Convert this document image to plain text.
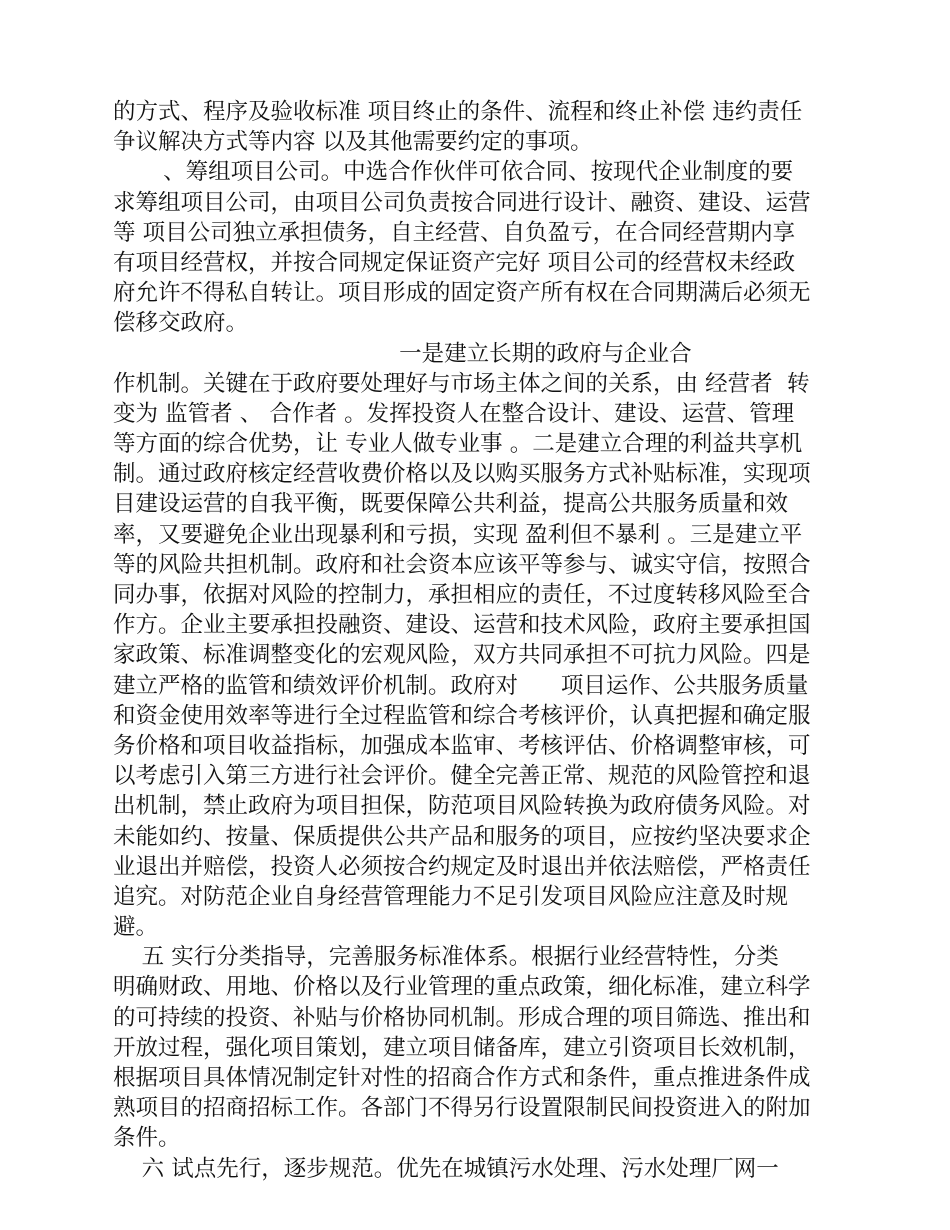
的方式、程序及验收标准 项目终止的条件、流程和终止补偿 违约责任
争议解决方式等内容 以及其他需要约定的事项。
、筹组项目公司。中选合作伙伴可依合同、按现代企业制度的要
求筹组项目公司，由项目公司负责按合同进行设计、融资、建设、运营
等 项目公司独立承担债务，自主经营、自负盈亏，在合同经营期内享
有项目经营权，并按合同规定保证资产完好 项目公司的经营权未经政
府允许不得私自转让。项目形成的固定资产所有权在合同期满后必须无
偿移交政府。
一是建立长期的政府与企业合
作机制。关键在于政府要处理好与市场主体之间的关系，由 经营者  转
变为 监管者 、 合作者 。发挥投资人在整合设计、建设、运营、管理
等方面的综合优势，让 专业人做专业事 。二是建立合理的利益共享机
制。通过政府核定经营收费价格以及以购买服务方式补贴标准，实现项
目建设运营的自我平衡，既要保障公共利益，提高公共服务质量和效
率，又要避免企业出现暴利和亏损，实现 盈利但不暴利 。三是建立平
等的风险共担机制。政府和社会资本应该平等参与、诚实守信，按照合
同办事，依据对风险的控制力，承担相应的责任，不过度转移风险至合
作方。企业主要承担投融资、建设、运营和技术风险，政府主要承担国
家政策、标准调整变化的宏观风险，双方共同承担不可抗力风险。四是
建立严格的监管和绩效评价机制。政府对      项目运作、公共服务质量
和资金使用效率等进行全过程监管和综合考核评价，认真把握和确定服
务价格和项目收益指标，加强成本监审、考核评估、价格调整审核，可
以考虑引入第三方进行社会评价。健全完善正常、规范的风险管控和退
出机制，禁止政府为项目担保，防范项目风险转换为政府债务风险。对
未能如约、按量、保质提供公共产品和服务的项目，应按约坚决要求企
业退出并赔偿，投资人必须按合约规定及时退出并依法赔偿，严格责任
追究。对防范企业自身经营管理能力不足引发项目风险应注意及时规
避。
五 实行分类指导，完善服务标准体系。根据行业经营特性，分类
明确财政、用地、价格以及行业管理的重点政策，细化标准，建立科学
的可持续的投资、补贴与价格协同机制。形成合理的项目筛选、推出和
开放过程，强化项目策划，建立项目储备库，建立引资项目长效机制，
根据项目具体情况制定针对性的招商合作方式和条件，重点推进条件成
熟项目的招商招标工作。各部门不得另行设置限制民间投资进入的附加
条件。
六 试点先行，逐步规范。优先在城镇污水处理、污水处理厂网一
